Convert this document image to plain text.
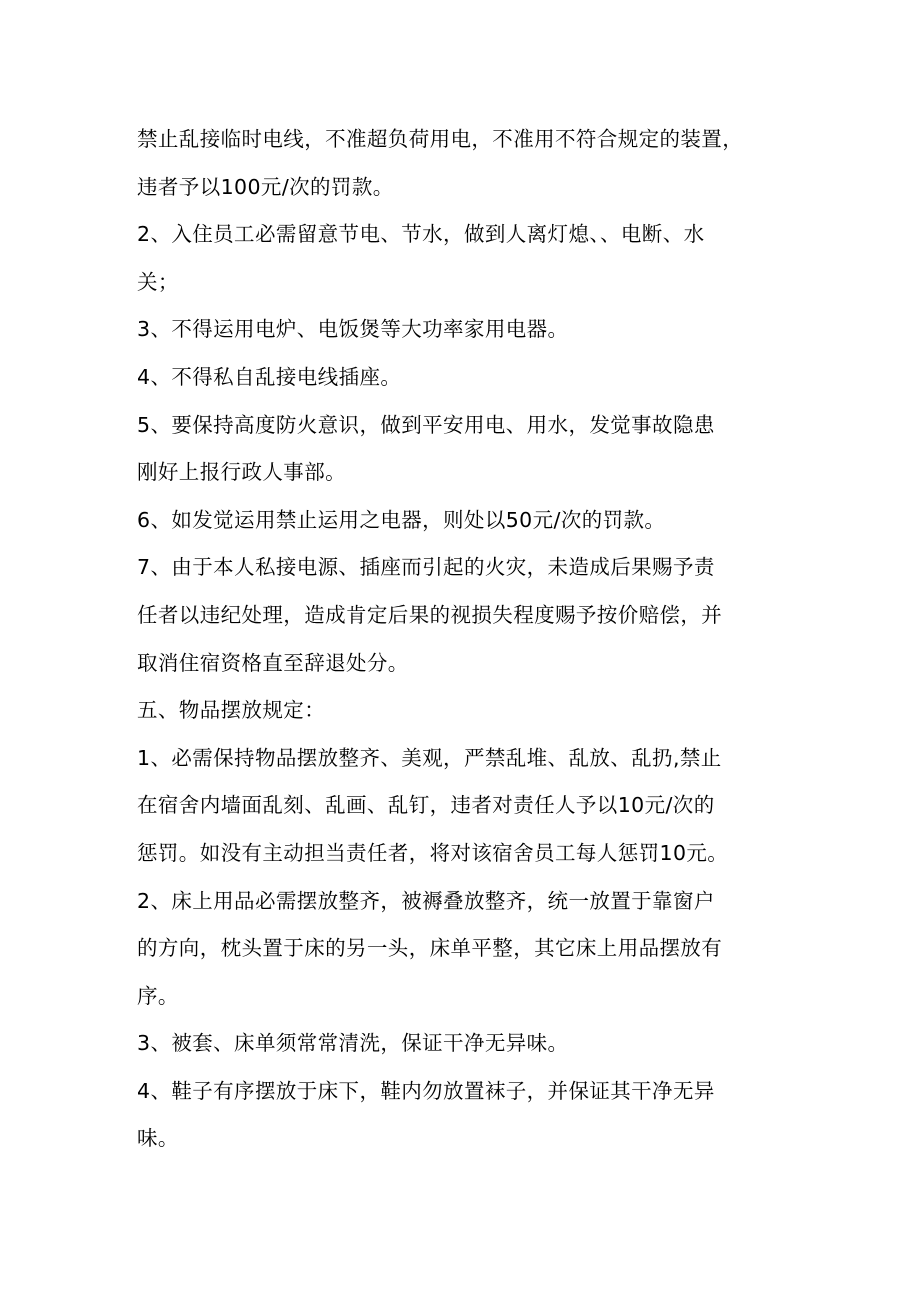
禁止乱接临时电线，不准超负荷用电，不准用不符合规定的装置，
违者予以100元/次的罚款。
2、入住员工必需留意节电、节水，做到人离灯熄、、电断、水
关；
3、不得运用电炉、电饭煲等大功率家用电器。
4、不得私自乱接电线插座。
5、要保持高度防火意识，做到平安用电、用水，发觉事故隐患
刚好上报行政人事部。
6、如发觉运用禁止运用之电器，则处以50元/次的罚款。
7、由于本人私接电源、插座而引起的火灾，未造成后果赐予责
任者以违纪处理，造成肯定后果的视损失程度赐予按价赔偿，并
取消住宿资格直至辞退处分。
五、物品摆放规定：
1、必需保持物品摆放整齐、美观，严禁乱堆、乱放、乱扔,禁止
在宿舍内墙面乱刻、乱画、乱钉，违者对责任人予以10元/次的
惩罚。如没有主动担当责任者，将对该宿舍员工每人惩罚10元。
2、床上用品必需摆放整齐，被褥叠放整齐，统一放置于靠窗户
的方向，枕头置于床的另一头，床单平整，其它床上用品摆放有
序。
3、被套、床单须常常清洗，保证干净无异味。
4、鞋子有序摆放于床下，鞋内勿放置袜子，并保证其干净无异
味。
